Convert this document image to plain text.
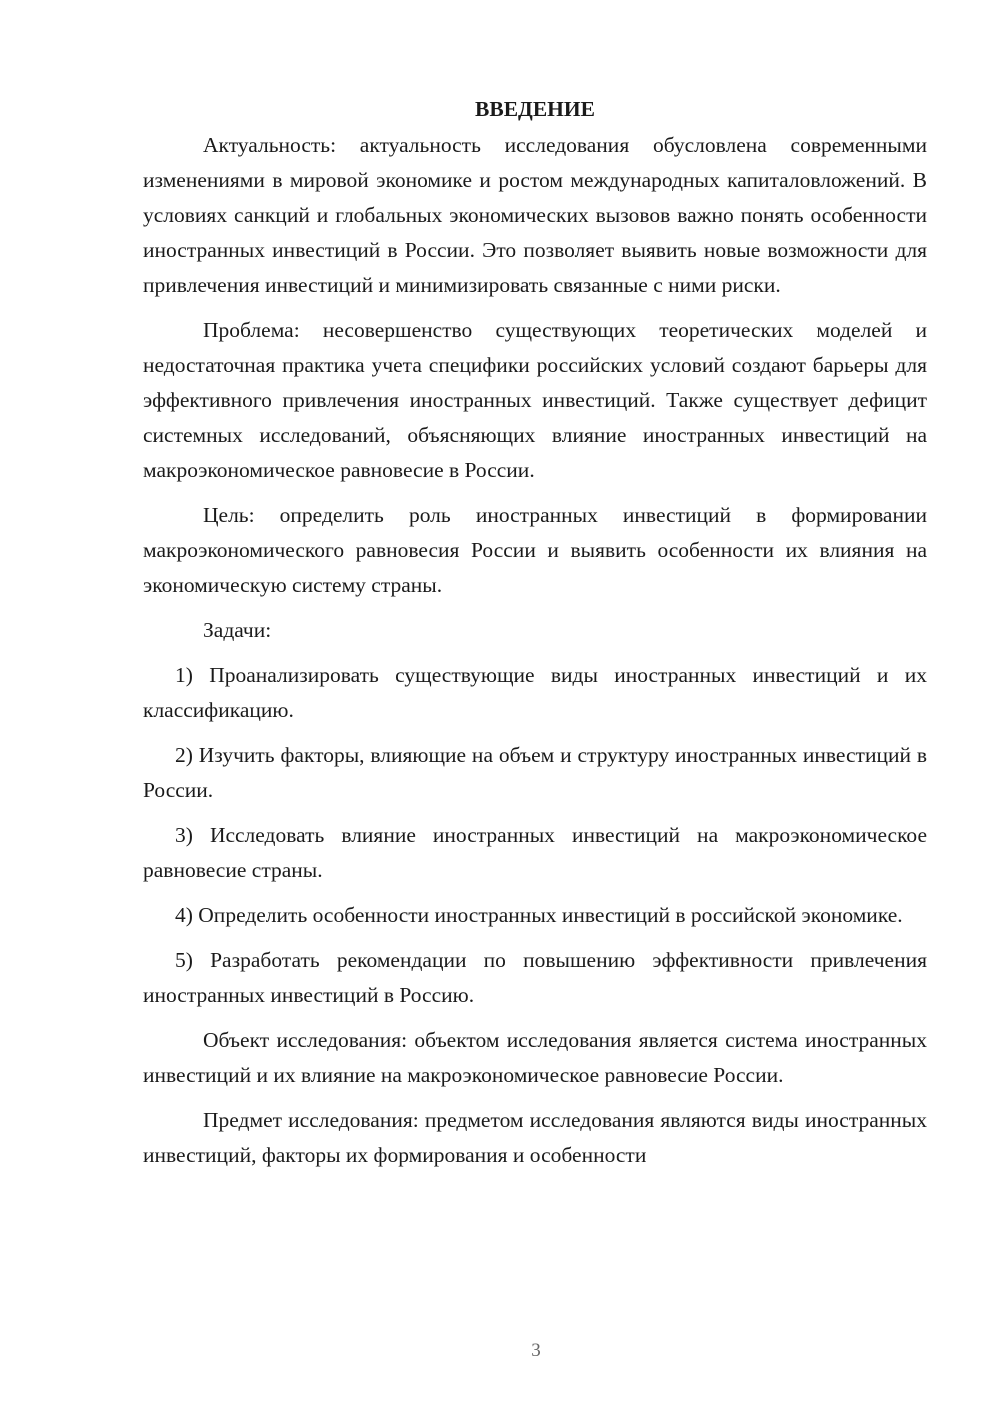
ВВЕДЕНИЕ

Актуальность: актуальность исследования обусловлена современными изменениями в мировой экономике и ростом международных капиталовложений. В условиях санкций и глобальных экономических вызовов важно понять особенности иностранных инвестиций в России. Это позволяет выявить новые возможности для привлечения инвестиций и минимизировать связанные с ними риски.

Проблема: несовершенство существующих теоретических моделей и недостаточная практика учета специфики российских условий создают барьеры для эффективного привлечения иностранных инвестиций. Также существует дефицит системных исследований, объясняющих влияние иностранных инвестиций на макроэкономическое равновесие в России.

Цель: определить роль иностранных инвестиций в формировании макроэкономического равновесия России и выявить особенности их влияния на экономическую систему страны.

Задачи:

1) Проанализировать существующие виды иностранных инвестиций и их классификацию.

2) Изучить факторы, влияющие на объем и структуру иностранных инвестиций в России.

3) Исследовать влияние иностранных инвестиций на макроэкономическое равновесие страны.

4) Определить особенности иностранных инвестиций в российской экономике.

5) Разработать рекомендации по повышению эффективности привлечения иностранных инвестиций в Россию.

Объект исследования: объектом исследования является система иностранных инвестиций и их влияние на макроэкономическое равновесие России.

Предмет исследования: предметом исследования являются виды иностранных инвестиций, факторы их формирования и особенности

3
